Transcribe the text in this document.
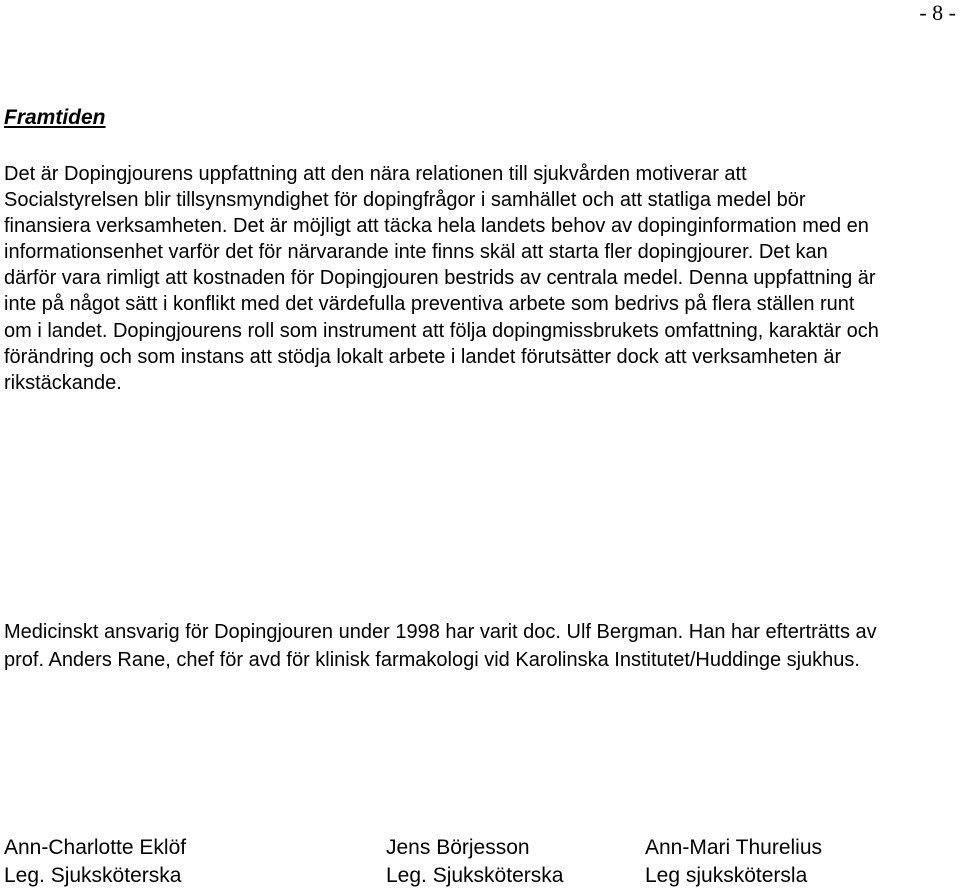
- 8 -
Framtiden

Det är Dopingjourens uppfattning att den nära relationen till sjukvården motiverar att Socialstyrelsen blir tillsynsmyndighet för dopingfrågor i samhället och att statliga medel bör finansiera verksamheten. Det är möjligt att täcka hela landets behov av dopinginformation med en informationsenhet varför det för närvarande inte finns skäl att starta fler dopingjourer. Det kan därför vara rimligt att kostnaden för Dopingjouren bestrids av centrala medel. Denna uppfattning är inte på något sätt i konflikt med det värdefulla preventiva arbete som bedrivs på flera ställen runt om i landet. Dopingjourens roll som instrument att följa dopingmissbrukets omfattning, karaktär och förändring och som instans att stödja lokalt arbete i landet förutsätter dock att verksamheten är rikstäckande.

Medicinskt ansvarig för Dopingjouren under 1998 har varit doc. Ulf Bergman. Han har efterträtts av prof. Anders Rane, chef för avd för klinisk farmakologi vid Karolinska Institutet/Huddinge sjukhus.

Ann-Charlotte Eklöf
Leg. Sjuksköterska
Jens Börjesson
Leg. Sjuksköterska
Ann-Mari Thurelius
Leg sjukskötersla
